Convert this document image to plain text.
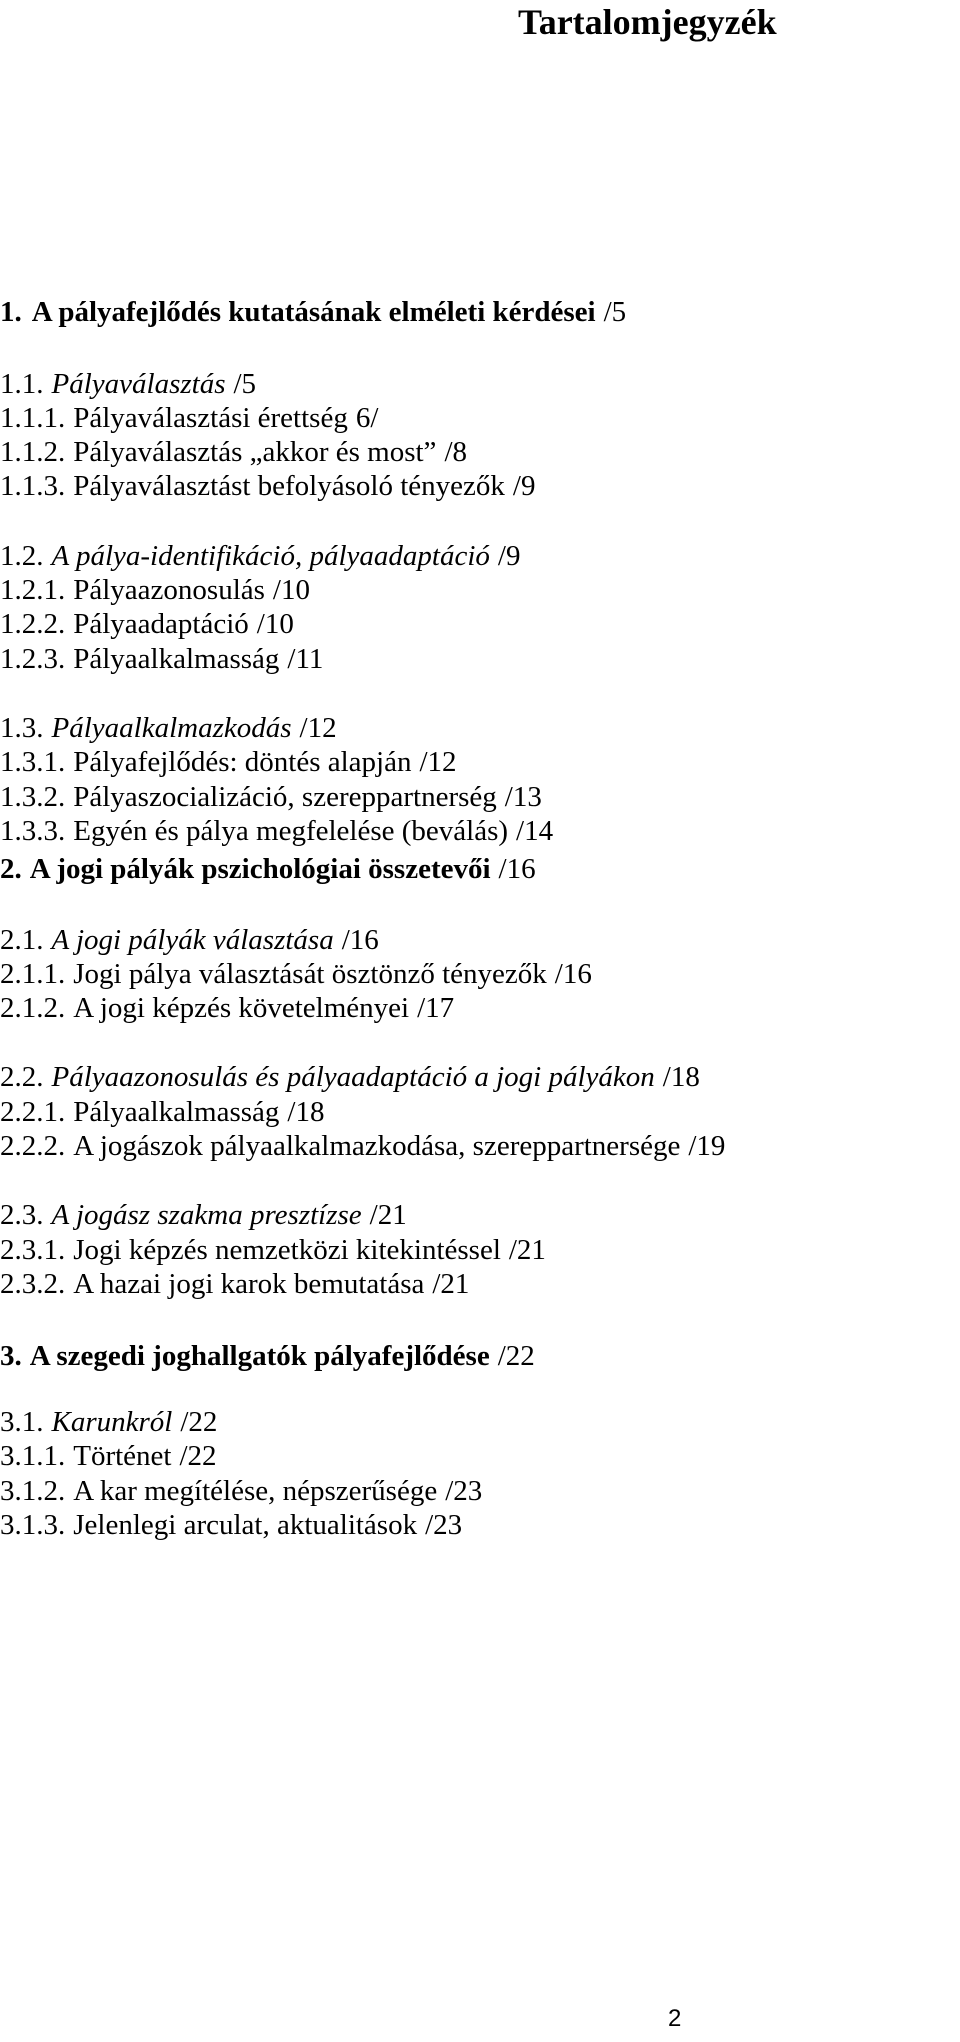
Tartalomjegyzék
1. A pályafejlődés kutatásának elméleti kérdései /5
1.1. Pályaválasztás /5
1.1.1. Pályaválasztási érettség 6/
1.1.2. Pályaválasztás „akkor és most” /8
1.1.3. Pályaválasztást befolyásoló tényezők /9
1.2. A pálya-identifikáció, pályaadaptáció /9
1.2.1. Pályaazonosulás /10
1.2.2. Pályaadaptáció /10
1.2.3. Pályaalkalmasság /11
1.3. Pályaalkalmazkodás /12
1.3.1. Pályafejlődés: döntés alapján /12
1.3.2. Pályaszocializáció, szereppartnerség /13
1.3.3. Egyén és pálya megfelelése (beválás) /14
2. A jogi pályák pszichológiai összetevői /16
2.1. A jogi pályák választása /16
2.1.1. Jogi pálya választását ösztönző tényezők /16
2.1.2. A jogi képzés követelményei /17
2.2. Pályaazonosulás és pályaadaptáció a jogi pályákon /18
2.2.1. Pályaalkalmasság /18
2.2.2. A jogászok pályaalkalmazkodása, szereppartnersége /19
2.3. A jogász szakma presztízse /21
2.3.1. Jogi képzés nemzetközi kitekintéssel /21
2.3.2. A hazai jogi karok bemutatása /21
3. A szegedi joghallgatók pályafejlődése /22
3.1. Karunkról /22
3.1.1. Történet /22
3.1.2. A kar megítélése, népszerűsége /23
3.1.3. Jelenlegi arculat, aktualitások /23
2
